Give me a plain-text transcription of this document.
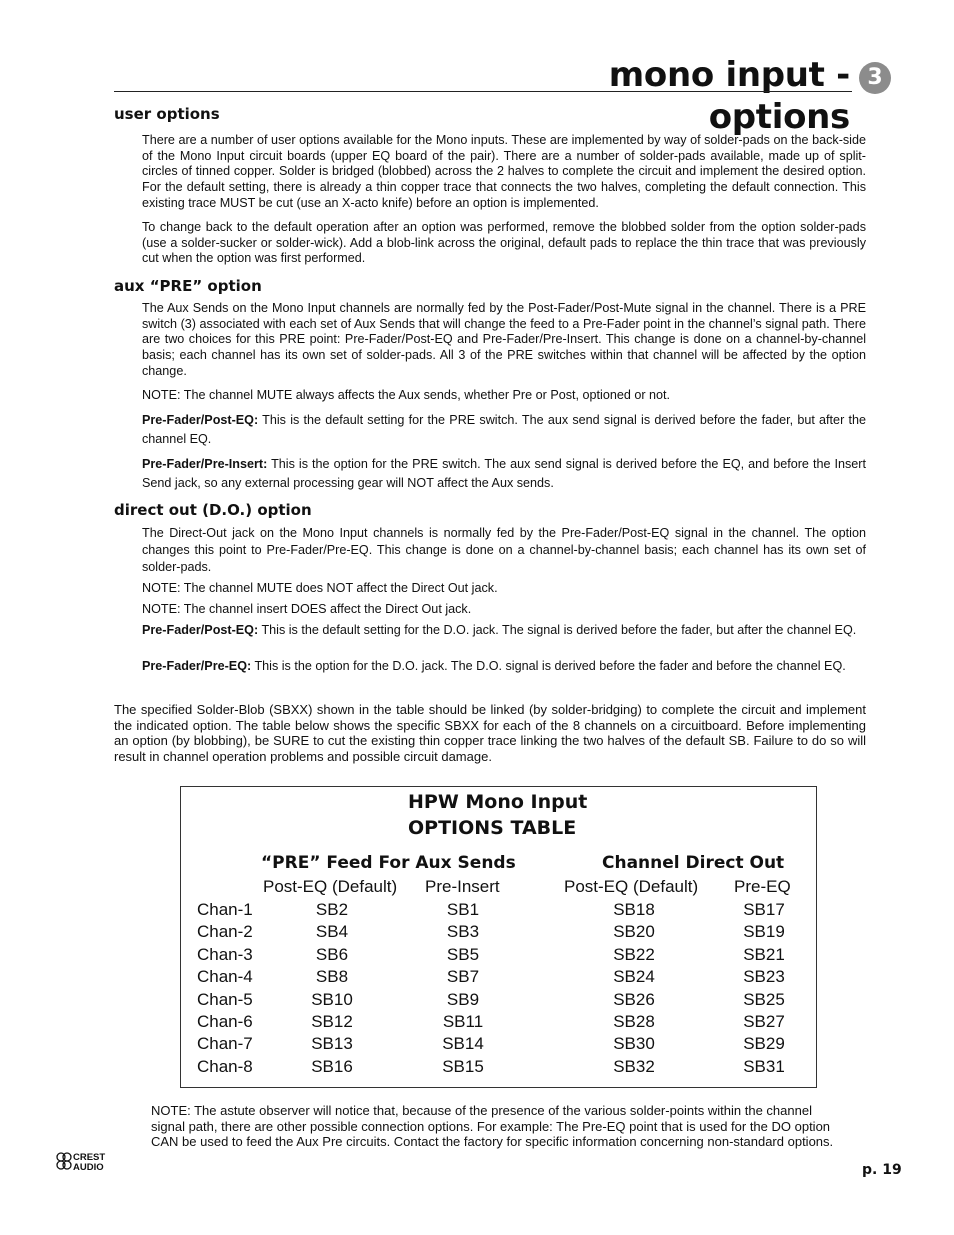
mono input - options
3
user options
There are a number of user options available for the Mono inputs. These are implemented by way of solder-pads on the back-side of the Mono Input circuit boards (upper EQ board of the pair). There are a number of solder-pads available, made up of split-circles of tinned copper. Solder is bridged (blobbed) across the 2 halves to complete the circuit and implement the desired option. For the default setting, there is already a thin copper trace that connects the two halves, completing the default connection. This existing trace MUST be cut (use an X-acto knife) before an option is implemented.
To change back to the default operation after an option was performed, remove the blobbed solder from the option solder-pads (use a solder-sucker or solder-wick). Add a blob-link across the original, default pads to replace the thin trace that was previously cut when the option was first performed.
aux “PRE” option
The Aux Sends on the Mono Input channels are normally fed by the Post-Fader/Post-Mute signal in the channel. There is a PRE switch (3) associated with each set of Aux Sends that will change the feed to a Pre-Fader point in the channel’s signal path. There are two choices for this PRE point: Pre-Fader/Post-EQ and Pre-Fader/Pre-Insert. This change is done on a channel-by-channel basis; each channel has its own set of solder-pads. All 3 of the PRE switches within that channel will be affected by the option change.
NOTE: The channel MUTE always affects the Aux sends, whether Pre or Post, optioned or not.
Pre-Fader/Post-EQ: This is the default setting for the PRE switch. The aux send signal is derived before the fader, but after the channel EQ.
Pre-Fader/Pre-Insert: This is the option for the PRE switch. The aux send signal is derived before the EQ, and before the Insert Send jack, so any external processing gear will NOT affect the Aux sends.
direct out (D.O.) option
The Direct-Out jack on the Mono Input channels is normally fed by the Pre-Fader/Post-EQ signal in the channel. The option changes this point to Pre-Fader/Pre-EQ. This change is done on a channel-by-channel basis; each channel has its own set of solder-pads.
NOTE: The channel MUTE does NOT affect the Direct Out jack.
NOTE: The channel insert DOES affect the Direct Out jack.
Pre-Fader/Post-EQ: This is the default setting for the D.O. jack. The signal is derived before the fader, but after the channel EQ.
Pre-Fader/Pre-EQ: This is the option for the D.O. jack. The D.O. signal is derived before the fader and before the channel EQ.
The specified Solder-Blob (SBXX) shown in the table should be linked (by solder-bridging) to complete the circuit and implement the indicated option. The table below shows the specific SBXX for each of the 8 channels on a circuitboard. Before implementing an option (by blobbing), be SURE to cut the existing thin copper trace linking the two halves of the default SB. Failure to do so will result in channel operation problems and possible circuit damage.
HPW Mono Input
OPTIONS TABLE
“PRE” Feed For Aux Sends	Channel Direct Out
Post-EQ (Default) Pre-Insert	Post-EQ (Default) Pre-EQ
Chan-1	SB2	SB1	SB18	SB17
Chan-2	SB4	SB3	SB20	SB19
Chan-3	SB6	SB5	SB22	SB21
Chan-4	SB8	SB7	SB24	SB23
Chan-5	SB10	SB9	SB26	SB25
Chan-6	SB12	SB11	SB28	SB27
Chan-7	SB13	SB14	SB30	SB29
Chan-8	SB16	SB15	SB32	SB31
NOTE: The astute observer will notice that, because of the presence of the various solder-points within the channel signal path, there are other possible connection options. For example: The Pre-EQ point that is used for the DO option CAN be used to feed the Aux Pre circuits. Contact the factory for specific information concerning non-standard options.
CREST
AUDIO	p. 19
